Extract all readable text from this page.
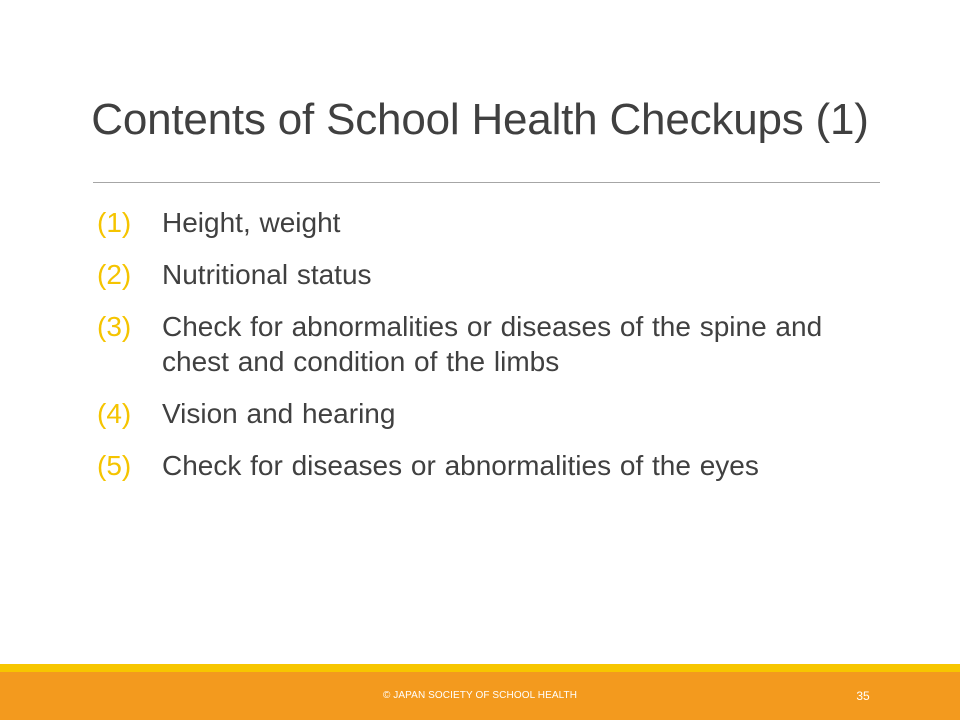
Contents of School Health Checkups (1)
(1)	Height, weight
(2)	Nutritional status
(3)	Check for abnormalities or diseases of the spine and chest and condition of the limbs
(4)	Vision and hearing
(5)	Check for diseases or abnormalities of the eyes
© JAPAN SOCIETY OF SCHOOL HEALTH	35
